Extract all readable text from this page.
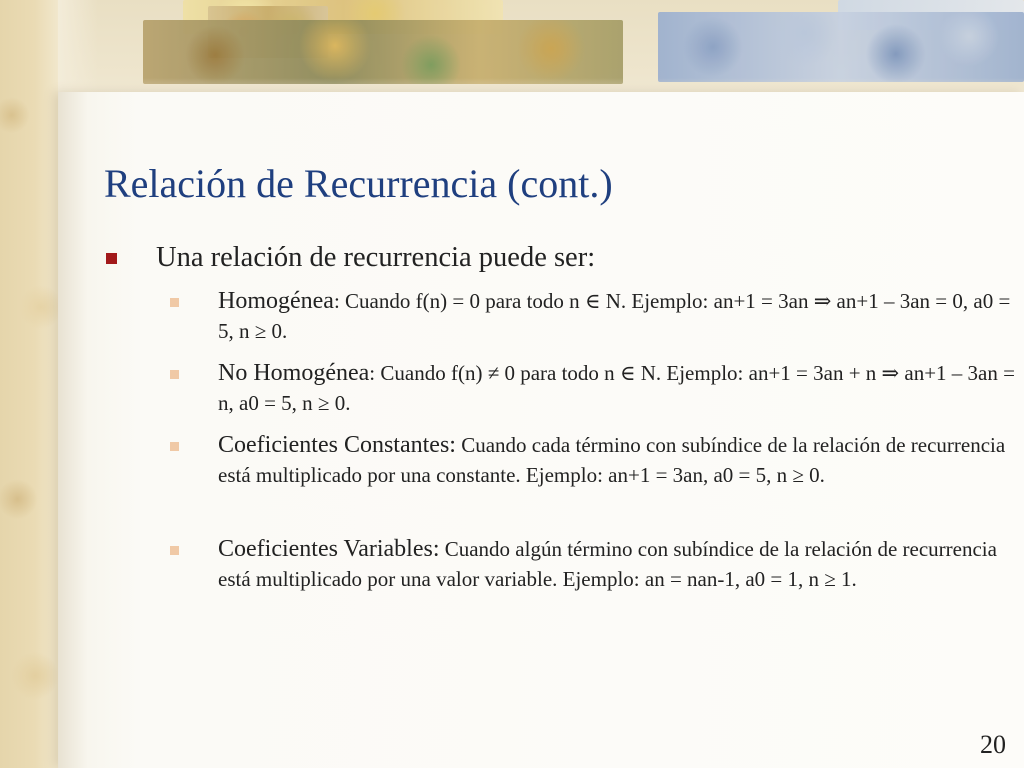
Relación de Recurrencia (cont.)
Una relación de recurrencia puede ser:
Homogénea: Cuando f(n) = 0 para todo n ∈ N. Ejemplo: an+1 = 3an ⇒ an+1 – 3an = 0, a0 = 5, n ≥ 0.
No Homogénea: Cuando f(n) ≠ 0 para todo n ∈ N. Ejemplo: an+1 = 3an + n ⇒ an+1 – 3an = n, a0 = 5, n ≥ 0.
Coeficientes Constantes: Cuando cada término con subíndice de la relación de recurrencia está multiplicado por una constante. Ejemplo: an+1 = 3an, a0 = 5, n ≥ 0.
Coeficientes Variables: Cuando algún término con subíndice de la relación de recurrencia está multiplicado por una valor variable. Ejemplo: an = nan-1, a0 = 1, n ≥ 1.
20
